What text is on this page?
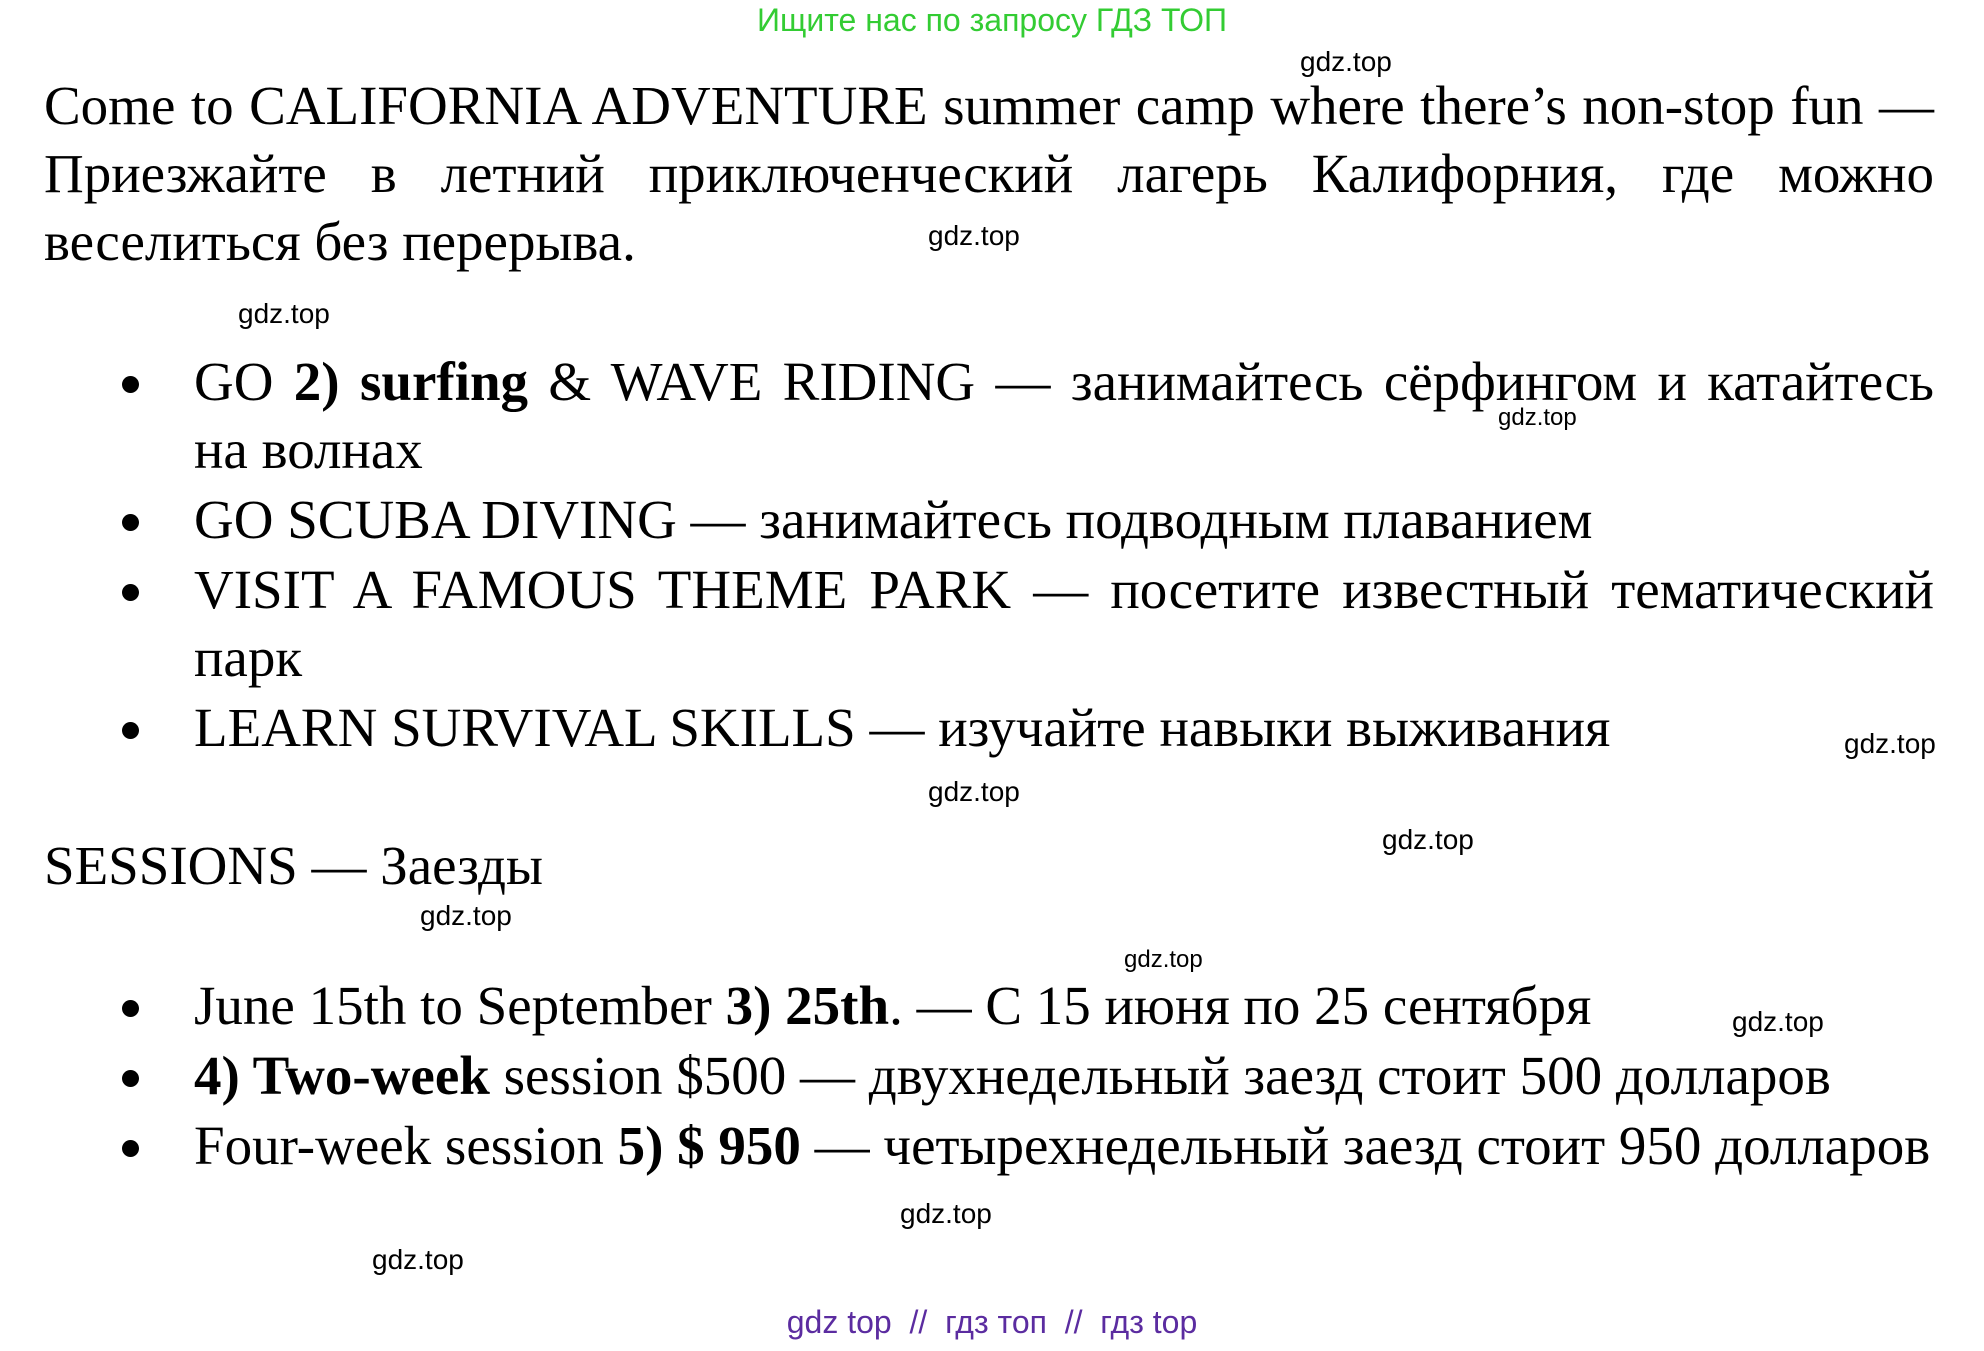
Ищите нас по запросу ГДЗ ТОП
Come to CALIFORNIA ADVENTURE summer camp where there’s non-stop fun — Приезжайте в летний приключенческий лагерь Калифорния, где можно веселиться без перерыва.
GO 2) surfing & WAVE RIDING — занимайтесь сёрфингом и катайтесь на волнах
GO SCUBA DIVING — занимайтесь подводным плаванием
VISIT A FAMOUS THEME PARK — посетите известный тематический парк
LEARN SURVIVAL SKILLS — изучайте навыки выживания
SESSIONS — Заезды
June 15th to September 3) 25th. — С 15 июня по 25 сентября
4) Two-week session $500 — двухнедельный заезд стоит 500 долларов
Four-week session 5) $ 950 — четырехнедельный заезд стоит 950 долларов
gdz.top
gdz.top
gdz.top
gdz.top
gdz.top
gdz.top
gdz.top
gdz.top
gdz.top
gdz.top
gdz.top
gdz.top
gdz top  //  гдз топ  //  гдз top
